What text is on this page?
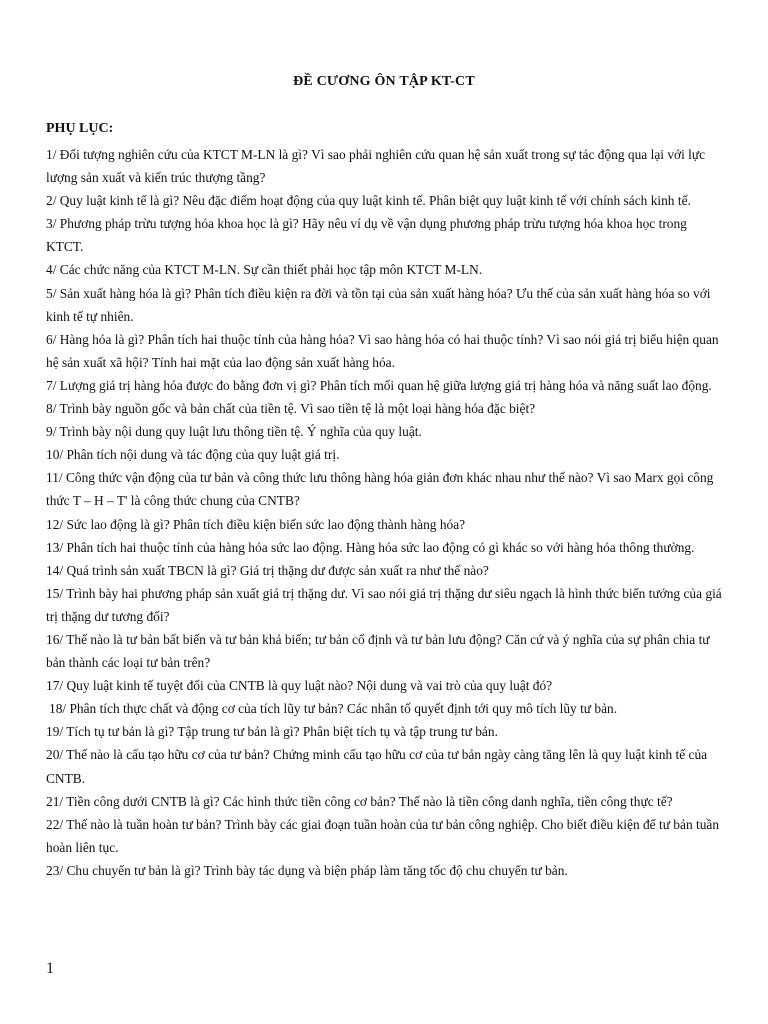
ĐỀ CƯƠNG ÔN TẬP KT-CT
PHỤ LỤC:

1/ Đối tượng nghiên cứu của KTCT M-LN là gì? Vì sao phải nghiên cứu quan hệ sản xuất trong sự tác động qua lại với lực lượng sản xuất và kiến trúc thượng tầng?

2/ Quy luật kinh tế là gì? Nêu đặc điểm hoạt động của quy luật kinh tế. Phân biệt quy luật kinh tế với chính sách kinh tế.

3/ Phương pháp trừu tượng hóa khoa học là gì? Hãy nêu ví dụ về vận dụng phương pháp trừu tượng hóa khoa học trong KTCT.

4/ Các chức năng của KTCT M-LN. Sự cần thiết phải học tập môn KTCT M-LN.

5/ Sản xuất hàng hóa là gì? Phân tích điều kiện ra đời và tồn tại của sản xuất hàng hóa? Ưu thế của sản xuất hàng hóa so với kinh tế tự nhiên.

6/ Hàng hóa là gì? Phân tích hai thuộc tính của hàng hóa? Vì sao hàng hóa có hai thuộc tính? Vì sao nói giá trị biểu hiện quan hệ sản xuất xã hội? Tính hai mặt của lao động sản xuất hàng hóa.

7/ Lượng giá trị hàng hóa được đo bằng đơn vị gì? Phân tích mối quan hệ giữa lượng giá trị hàng hóa và năng suất lao động.

8/ Trình bày nguồn gốc và bản chất của tiền tệ. Vì sao tiền tệ là một loại hàng hóa đặc biệt?

9/ Trình bày nội dung quy luật lưu thông tiền tệ. Ý nghĩa của quy luật.

10/ Phân tích nội dung và tác động của quy luật giá trị.

11/ Công thức vận động của tư bản và công thức lưu thông hàng hóa giản đơn khác nhau như thế nào? Vì sao Marx gọi công thức T – H – T' là công thức chung của CNTB?

12/ Sức lao động là gì? Phân tích điều kiện biến sức lao động thành hàng hóa?

13/ Phân tích hai thuộc tính của hàng hóa sức lao động. Hàng hóa sức lao động có gì khác so với hàng hóa thông thường.

14/ Quá trình sản xuất TBCN là gì? Giá trị thặng dư được sản xuất ra như thế nào?

15/ Trình bày hai phương pháp sản xuất giá trị thặng dư. Vì sao nói giá trị thặng dư siêu ngạch là hình thức biến tướng của giá trị thặng dư tương đối?

16/ Thế nào là tư bản bất biến và tư bản khả biến; tư bản cố định và tư bản lưu động? Căn cứ và ý nghĩa của sự phân chia tư bản thành các loại tư bản trên?

17/ Quy luật kinh tế tuyệt đối của CNTB là quy luật nào? Nội dung và vai trò của quy luật đó?

18/ Phân tích thực chất và động cơ của tích lũy tư bản? Các nhân tố quyết định tới quy mô tích lũy tư bản.

19/ Tích tụ tư bản là gì? Tập trung tư bản là gì? Phân biệt tích tụ và tập trung tư bản.

20/ Thế nào là cấu tạo hữu cơ của tư bản? Chứng minh cấu tạo hữu cơ của tư bản ngày càng tăng lên là quy luật kinh tế của CNTB.

21/ Tiền công dưới CNTB là gì? Các hình thức tiền công cơ bản? Thế nào là tiền công danh nghĩa, tiền công thực tế?

22/ Thế nào là tuần hoàn tư bản? Trình bày các giai đoạn tuần hoàn của tư bản công nghiệp. Cho biết điều kiện để tư bản tuần hoàn liên tục.

23/ Chu chuyển tư bản là gì? Trình bày tác dụng và biện pháp làm tăng tốc độ chu chuyển tư bản.

1
